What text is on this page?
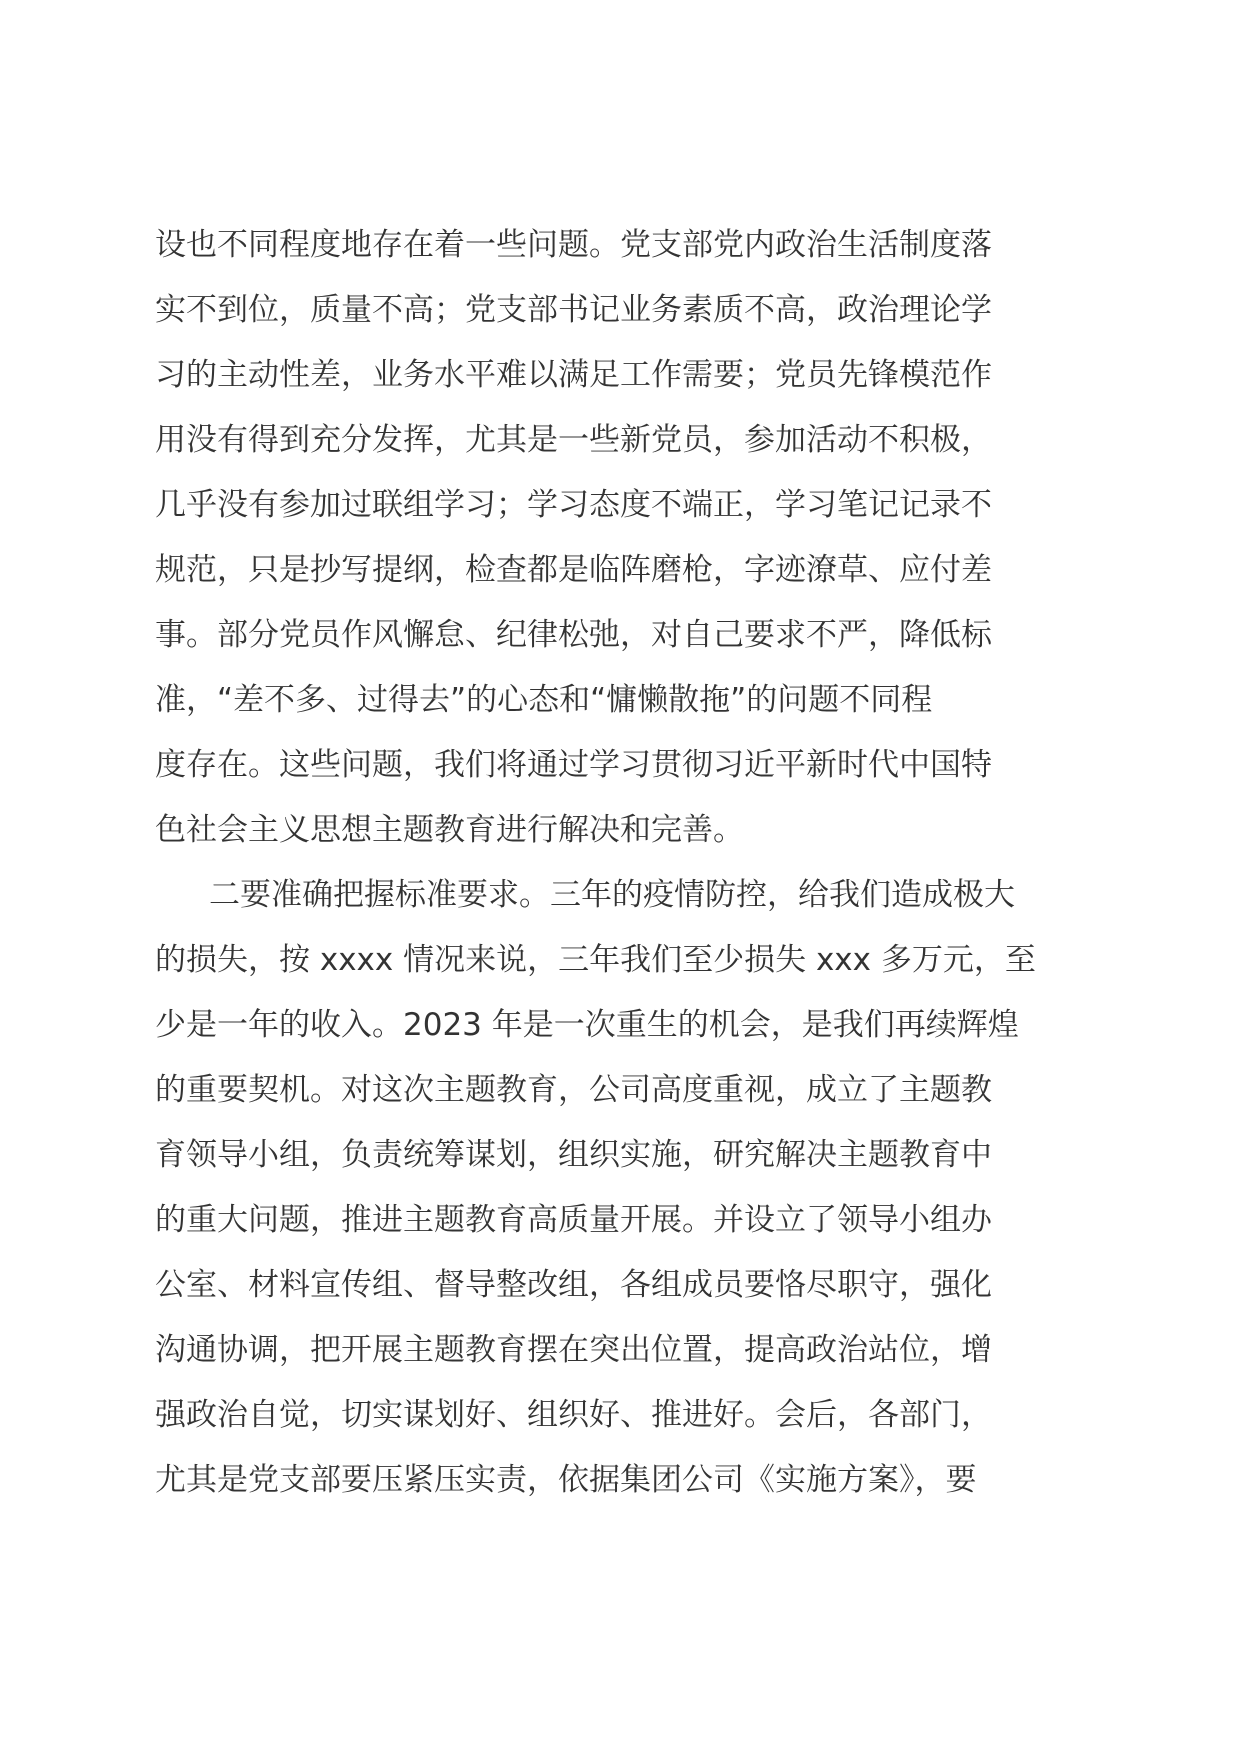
设也不同程度地存在着一些问题。党支部党内政治生活制度落
实不到位，质量不高；党支部书记业务素质不高，政治理论学
习的主动性差，业务水平难以满足工作需要；党员先锋模范作
用没有得到充分发挥，尤其是一些新党员，参加活动不积极，
几乎没有参加过联组学习；学习态度不端正，学习笔记记录不
规范，只是抄写提纲，检查都是临阵磨枪，字迹潦草、应付差
事。部分党员作风懈怠、纪律松弛，对自己要求不严，降低标
准，“差不多、过得去”的心态和“慵懒散拖”的问题不同程
度存在。这些问题，我们将通过学习贯彻习近平新时代中国特
色社会主义思想主题教育进行解决和完善。
二要准确把握标准要求。三年的疫情防控，给我们造成极大
的损失，按 xxxx 情况来说，三年我们至少损失 xxx 多万元，至
少是一年的收入。2023 年是一次重生的机会，是我们再续辉煌
的重要契机。对这次主题教育，公司高度重视，成立了主题教
育领导小组，负责统筹谋划，组织实施，研究解决主题教育中
的重大问题，推进主题教育高质量开展。并设立了领导小组办
公室、材料宣传组、督导整改组，各组成员要恪尽职守，强化
沟通协调，把开展主题教育摆在突出位置，提高政治站位，增
强政治自觉，切实谋划好、组织好、推进好。会后，各部门，
尤其是党支部要压紧压实责，依据集团公司《实施方案》，要
